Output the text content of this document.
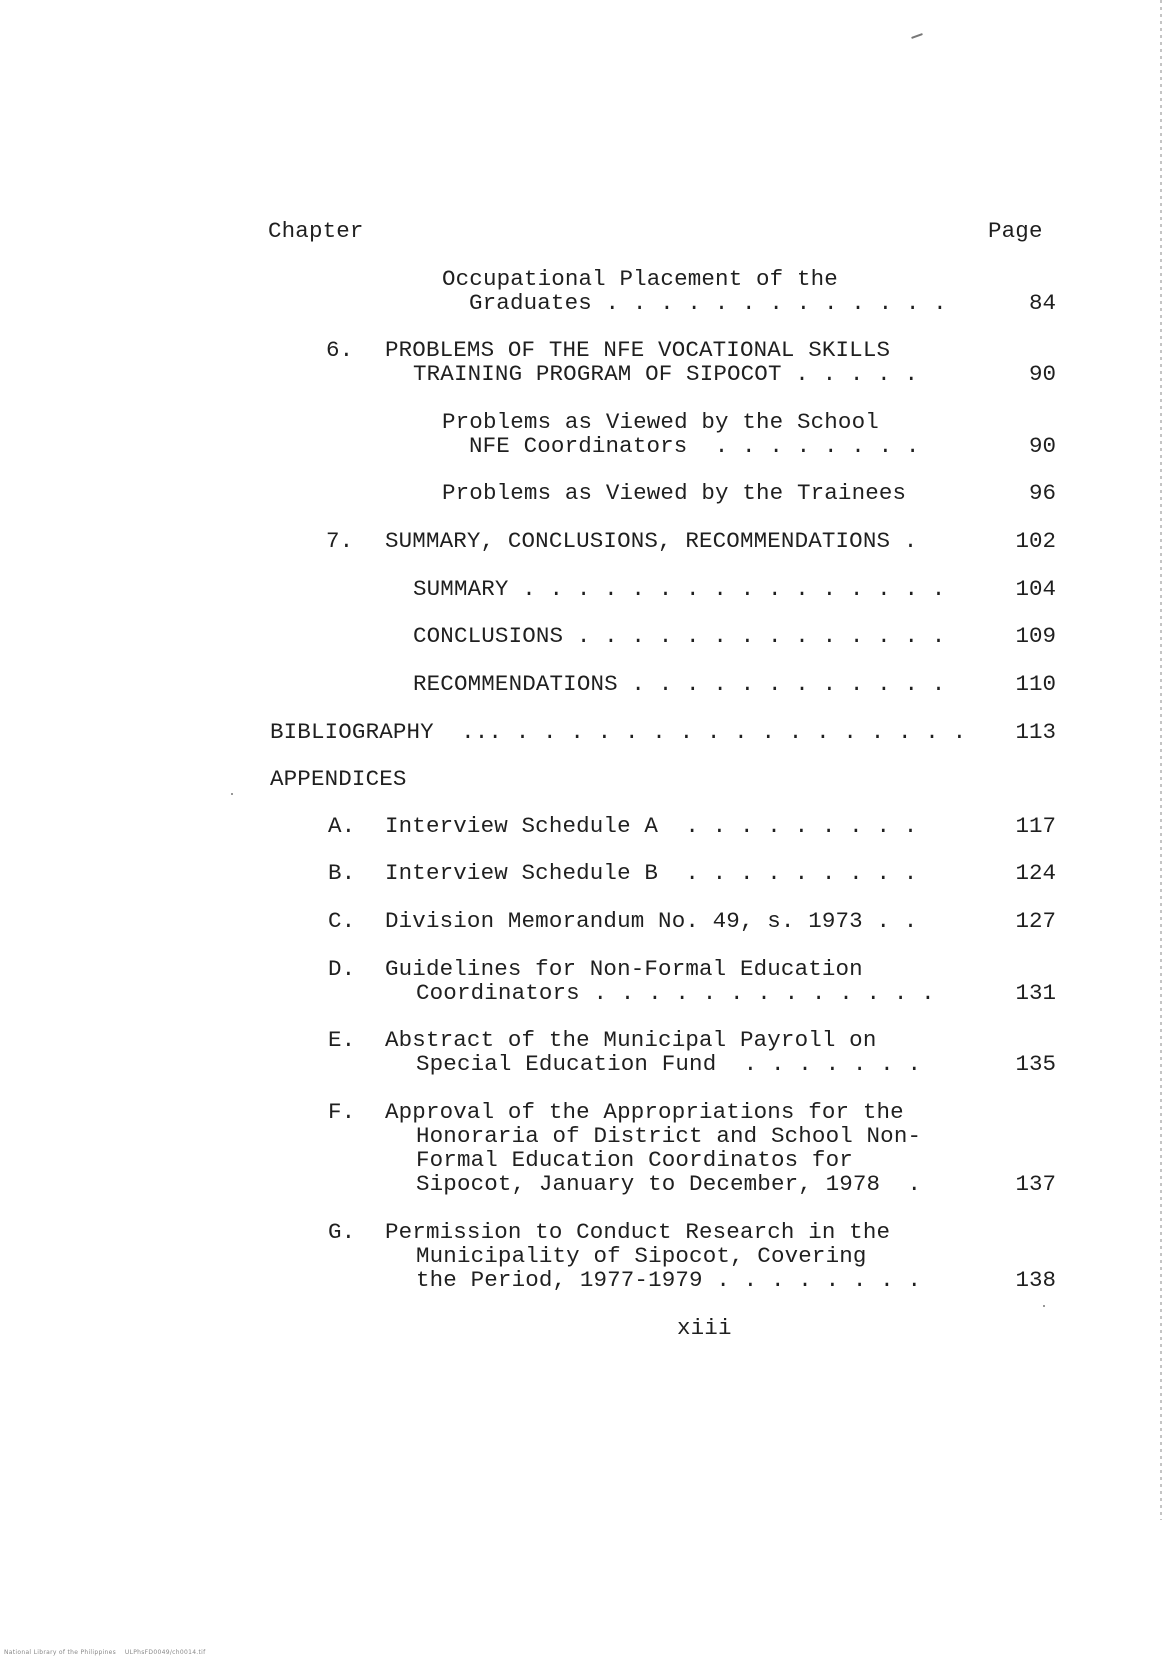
Chapter	Page
Occupational Placement of the
Graduates . . . . . . . . . . . . .	84
6. PROBLEMS OF THE NFE VOCATIONAL SKILLS
TRAINING PROGRAM OF SIPOCOT . . . . .	90
Problems as Viewed by the School
NFE Coordinators  . . . . . . . .	90
Problems as Viewed by the Trainees	96
7. SUMMARY, CONCLUSIONS, RECOMMENDATIONS .	102
SUMMARY . . . . . . . . . . . . . . . .	104
CONCLUSIONS . . . . . . . . . . . . . .	109
RECOMMENDATIONS . . . . . . . . . . . .	110
BIBLIOGRAPHY  ... . . . . . . . . . . . . . . . . .	113
APPENDICES
A. Interview Schedule A  . . . . . . . . .	117
B. Interview Schedule B  . . . . . . . . .	124
C. Division Memorandum No. 49, s. 1973 . .	127
D. Guidelines for Non-Formal Education
Coordinators . . . . . . . . . . . . .	131
E. Abstract of the Municipal Payroll on
Special Education Fund  . . . . . . .	135
F. Approval of the Appropriations for the
Honoraria of District and School Non-
Formal Education Coordinatos for
Sipocot, January to December, 1978  .	137
G. Permission to Conduct Research in the
Municipality of Sipocot, Covering
the Period, 1977-1979 . . . . . . . .	138
xiii
National Library of the Philippines    ULPhsFD0049/ch0014.tif
